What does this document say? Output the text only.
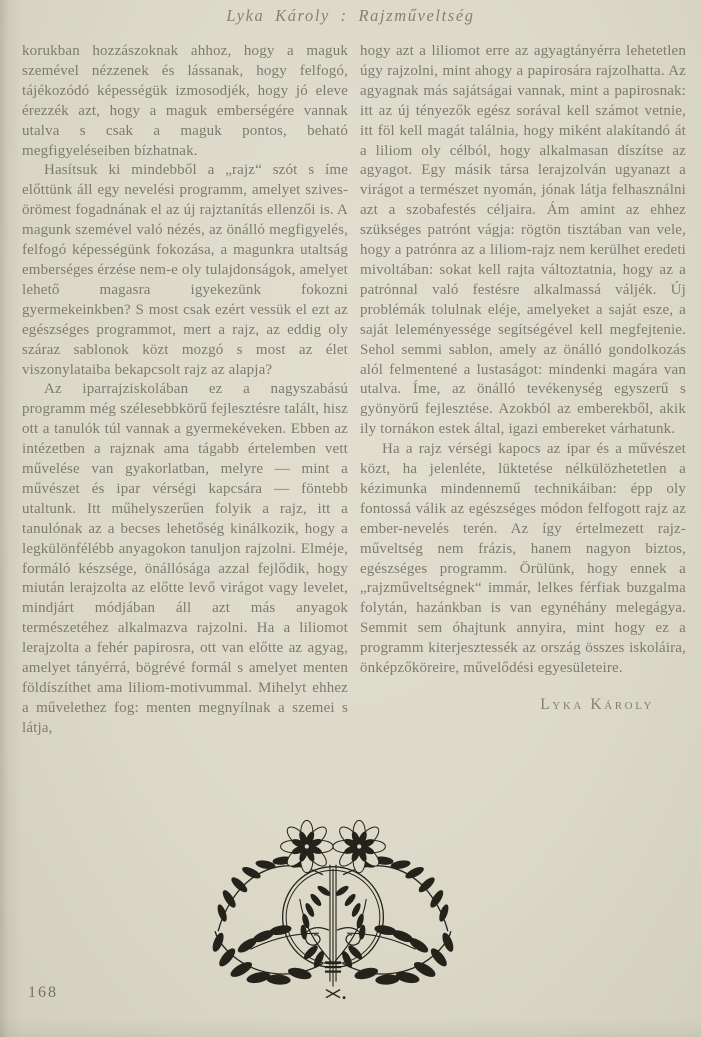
Lyka Károly : Rajzműveltség

korukban hozzászoknak ahhoz, hogy a maguk szemével nézzenek és lássanak, hogy felfogó, tájékozódó képességük izmosodjék, hogy jó eleve érezzék azt, hogy a maguk emberségére vannak utalva s csak a maguk pontos, beható megfigyeléseiben bízhatnak.

Hasítsuk ki mindebből a „rajz“ szót s íme előttünk áll egy nevelési programm, amelyet szives-örömest fogadnának el az új rajztanítás ellenzői is. A magunk szemével való nézés, az önálló megfigyelés, felfogó képességünk fokozása, a magunkra utaltság emberséges érzése nem-e oly tulajdonságok, amelyet lehető magasra igyekezünk fokozni gyermekeinkben? S most csak ezért vessük el ezt az egészséges programmot, mert a rajz, az eddig oly száraz sablonok közt mozgó s most az élet viszonylataiba bekapcsolt rajz az alapja?

Az iparrajziskolában ez a nagyszabású programm még szélesebbkörű fejlesztésre talált, hisz ott a tanulók túl vannak a gyermekéveken. Ebben az intézetben a rajznak ama tágabb értelemben vett művelése van gyakorlatban, melyre — mint a művészet és ipar vérségi kapcsára — föntebb utaltunk. Itt műhelyszerűen folyik a rajz, itt a tanulónak az a becses lehetőség kinálkozik, hogy a legkülönfélébb anyagokon tanuljon rajzolni. Elméje, formáló készsége, önállósága azzal fejlődik, hogy miután lerajzolta az előtte levő virágot vagy levelet, mindjárt módjában áll azt más anyagok természetéhez alkalmazva rajzolni. Ha a liliomot lerajzolta a fehér papirosra, ott van előtte az agyag, amelyet tányérrá, bögrévé formál s amelyet menten földíszíthet ama liliom-motivummal. Mihelyt ehhez a művelethez fog: menten megnyílnak a szemei s látja,

hogy azt a liliomot erre az agyagtányérra lehetetlen úgy rajzolni, mint ahogy a papirosára rajzolhatta. Az agyagnak más sajátságai vannak, mint a papirosnak: itt az új tényezők egész sorával kell számot vetnie, itt föl kell magát találnia, hogy miként alakítandó át a liliom oly célból, hogy alkalmasan díszítse az agyagot. Egy másik társa lerajzolván ugyanazt a virágot a természet nyomán, jónak látja felhasználni azt a szobafestés céljaira. Ám amint az ehhez szükséges patrónt vágja: rögtön tisztában van vele, hogy a patrónra az a liliom-rajz nem kerülhet eredeti mivoltában: sokat kell rajta változtatnia, hogy az a patrónnal való festésre alkalmassá váljék. Új problémák tolulnak eléje, amelyeket a saját esze, a saját leleményessége segítségével kell megfejtenie. Sehol semmi sablon, amely az önálló gondolkozás alól felmentené a lustaságot: mindenki magára van utalva. Íme, az önálló tevékenység egyszerű s gyönyörű fejlesztése. Azokból az emberekből, akik ily tornákon estek által, igazi embereket várhatunk.

Ha a rajz vérségi kapocs az ipar és a művészet közt, ha jelenléte, lüktetése nélkülözhetetlen a kézimunka mindennemű technikáiban: épp oly fontossá válik az egészséges módon felfogott rajz az ember-nevelés terén. Az így értelmezett rajz-műveltség nem frázis, hanem nagyon biztos, egészséges programm. Örülünk, hogy ennek a „rajzműveltségnek“ immár, lelkes férfiak buzgalma folytán, hazánkban is van egynéhány melegágya. Semmit sem óhajtunk annyira, mint hogy ez a programm kiterjesztessék az ország összes iskoláira, önképzőköreire, művelődési egyesületeire.

Lyka Károly

168
